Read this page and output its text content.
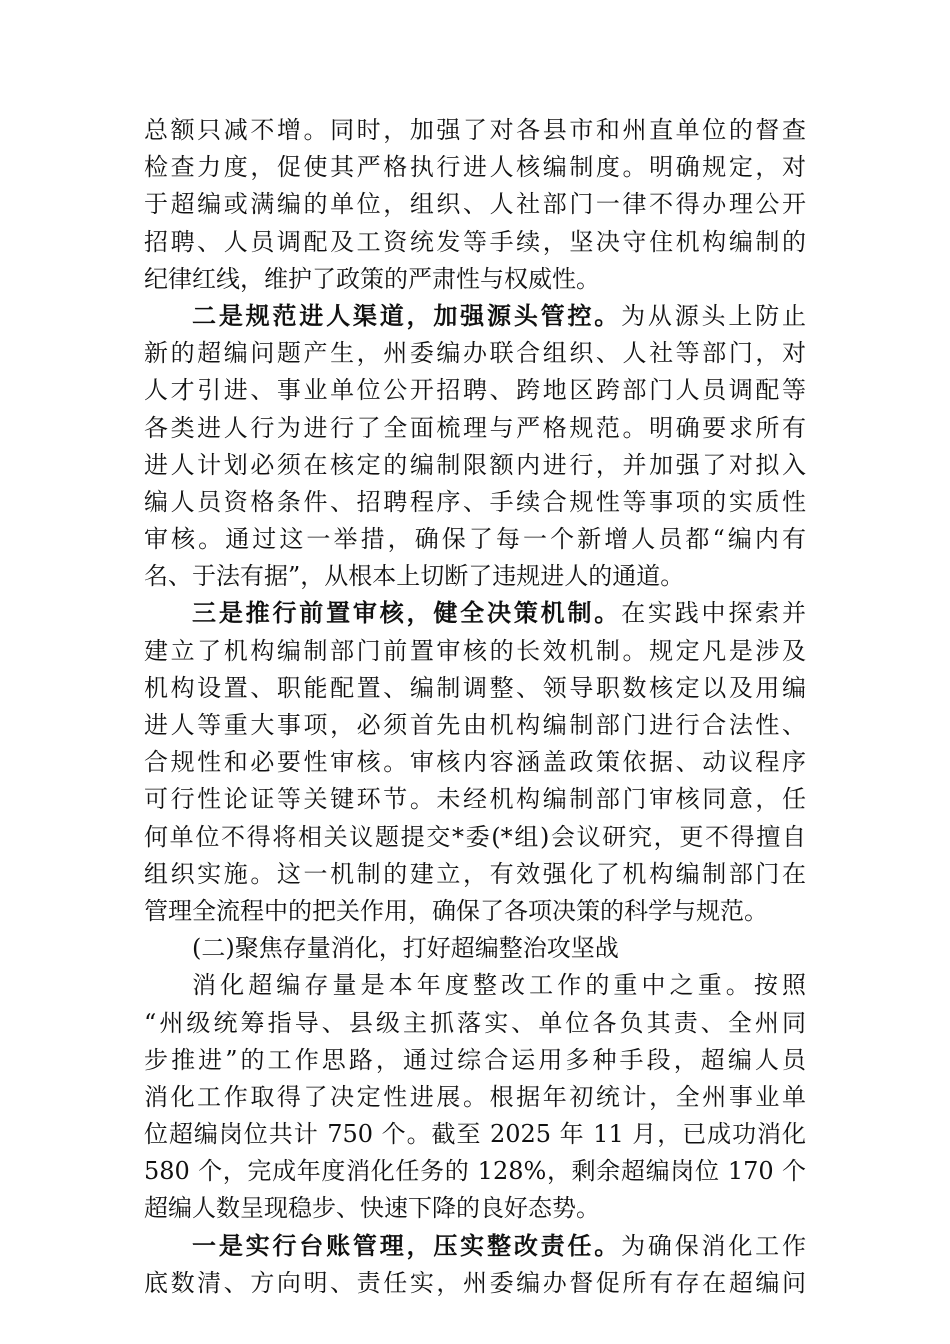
总额只减不增。同时，加强了对各县市和州直单位的督查
检查力度，促使其严格执行进人核编制度。明确规定，对
于超编或满编的单位，组织、人社部门一律不得办理公开
招聘、人员调配及工资统发等手续，坚决守住机构编制的
纪律红线，维护了政策的严肃性与权威性。
二是规范进人渠道，加强源头管控。为从源头上防止
新的超编问题产生，州委编办联合组织、人社等部门，对
人才引进、事业单位公开招聘、跨地区跨部门人员调配等
各类进人行为进行了全面梳理与严格规范。明确要求所有
进人计划必须在核定的编制限额内进行，并加强了对拟入
编人员资格条件、招聘程序、手续合规性等事项的实质性
审核。通过这一举措，确保了每一个新增人员都“编内有
名、于法有据”，从根本上切断了违规进人的通道。
三是推行前置审核，健全决策机制。在实践中探索并
建立了机构编制部门前置审核的长效机制。规定凡是涉及
机构设置、职能配置、编制调整、领导职数核定以及用编
进人等重大事项，必须首先由机构编制部门进行合法性、
合规性和必要性审核。审核内容涵盖政策依据、动议程序
可行性论证等关键环节。未经机构编制部门审核同意，任
何单位不得将相关议题提交*委(*组)会议研究，更不得擅自
组织实施。这一机制的建立，有效强化了机构编制部门在
管理全流程中的把关作用，确保了各项决策的科学与规范。
(二)聚焦存量消化，打好超编整治攻坚战
消化超编存量是本年度整改工作的重中之重。按照
“州级统筹指导、县级主抓落实、单位各负其责、全州同
步推进”的工作思路，通过综合运用多种手段，超编人员
消化工作取得了决定性进展。根据年初统计，全州事业单
位超编岗位共计 750 个。截至 2025 年 11 月，已成功消化
580 个，完成年度消化任务的 128%，剩余超编岗位 170 个
超编人数呈现稳步、快速下降的良好态势。
一是实行台账管理，压实整改责任。为确保消化工作
底数清、方向明、责任实，州委编办督促所有存在超编问
